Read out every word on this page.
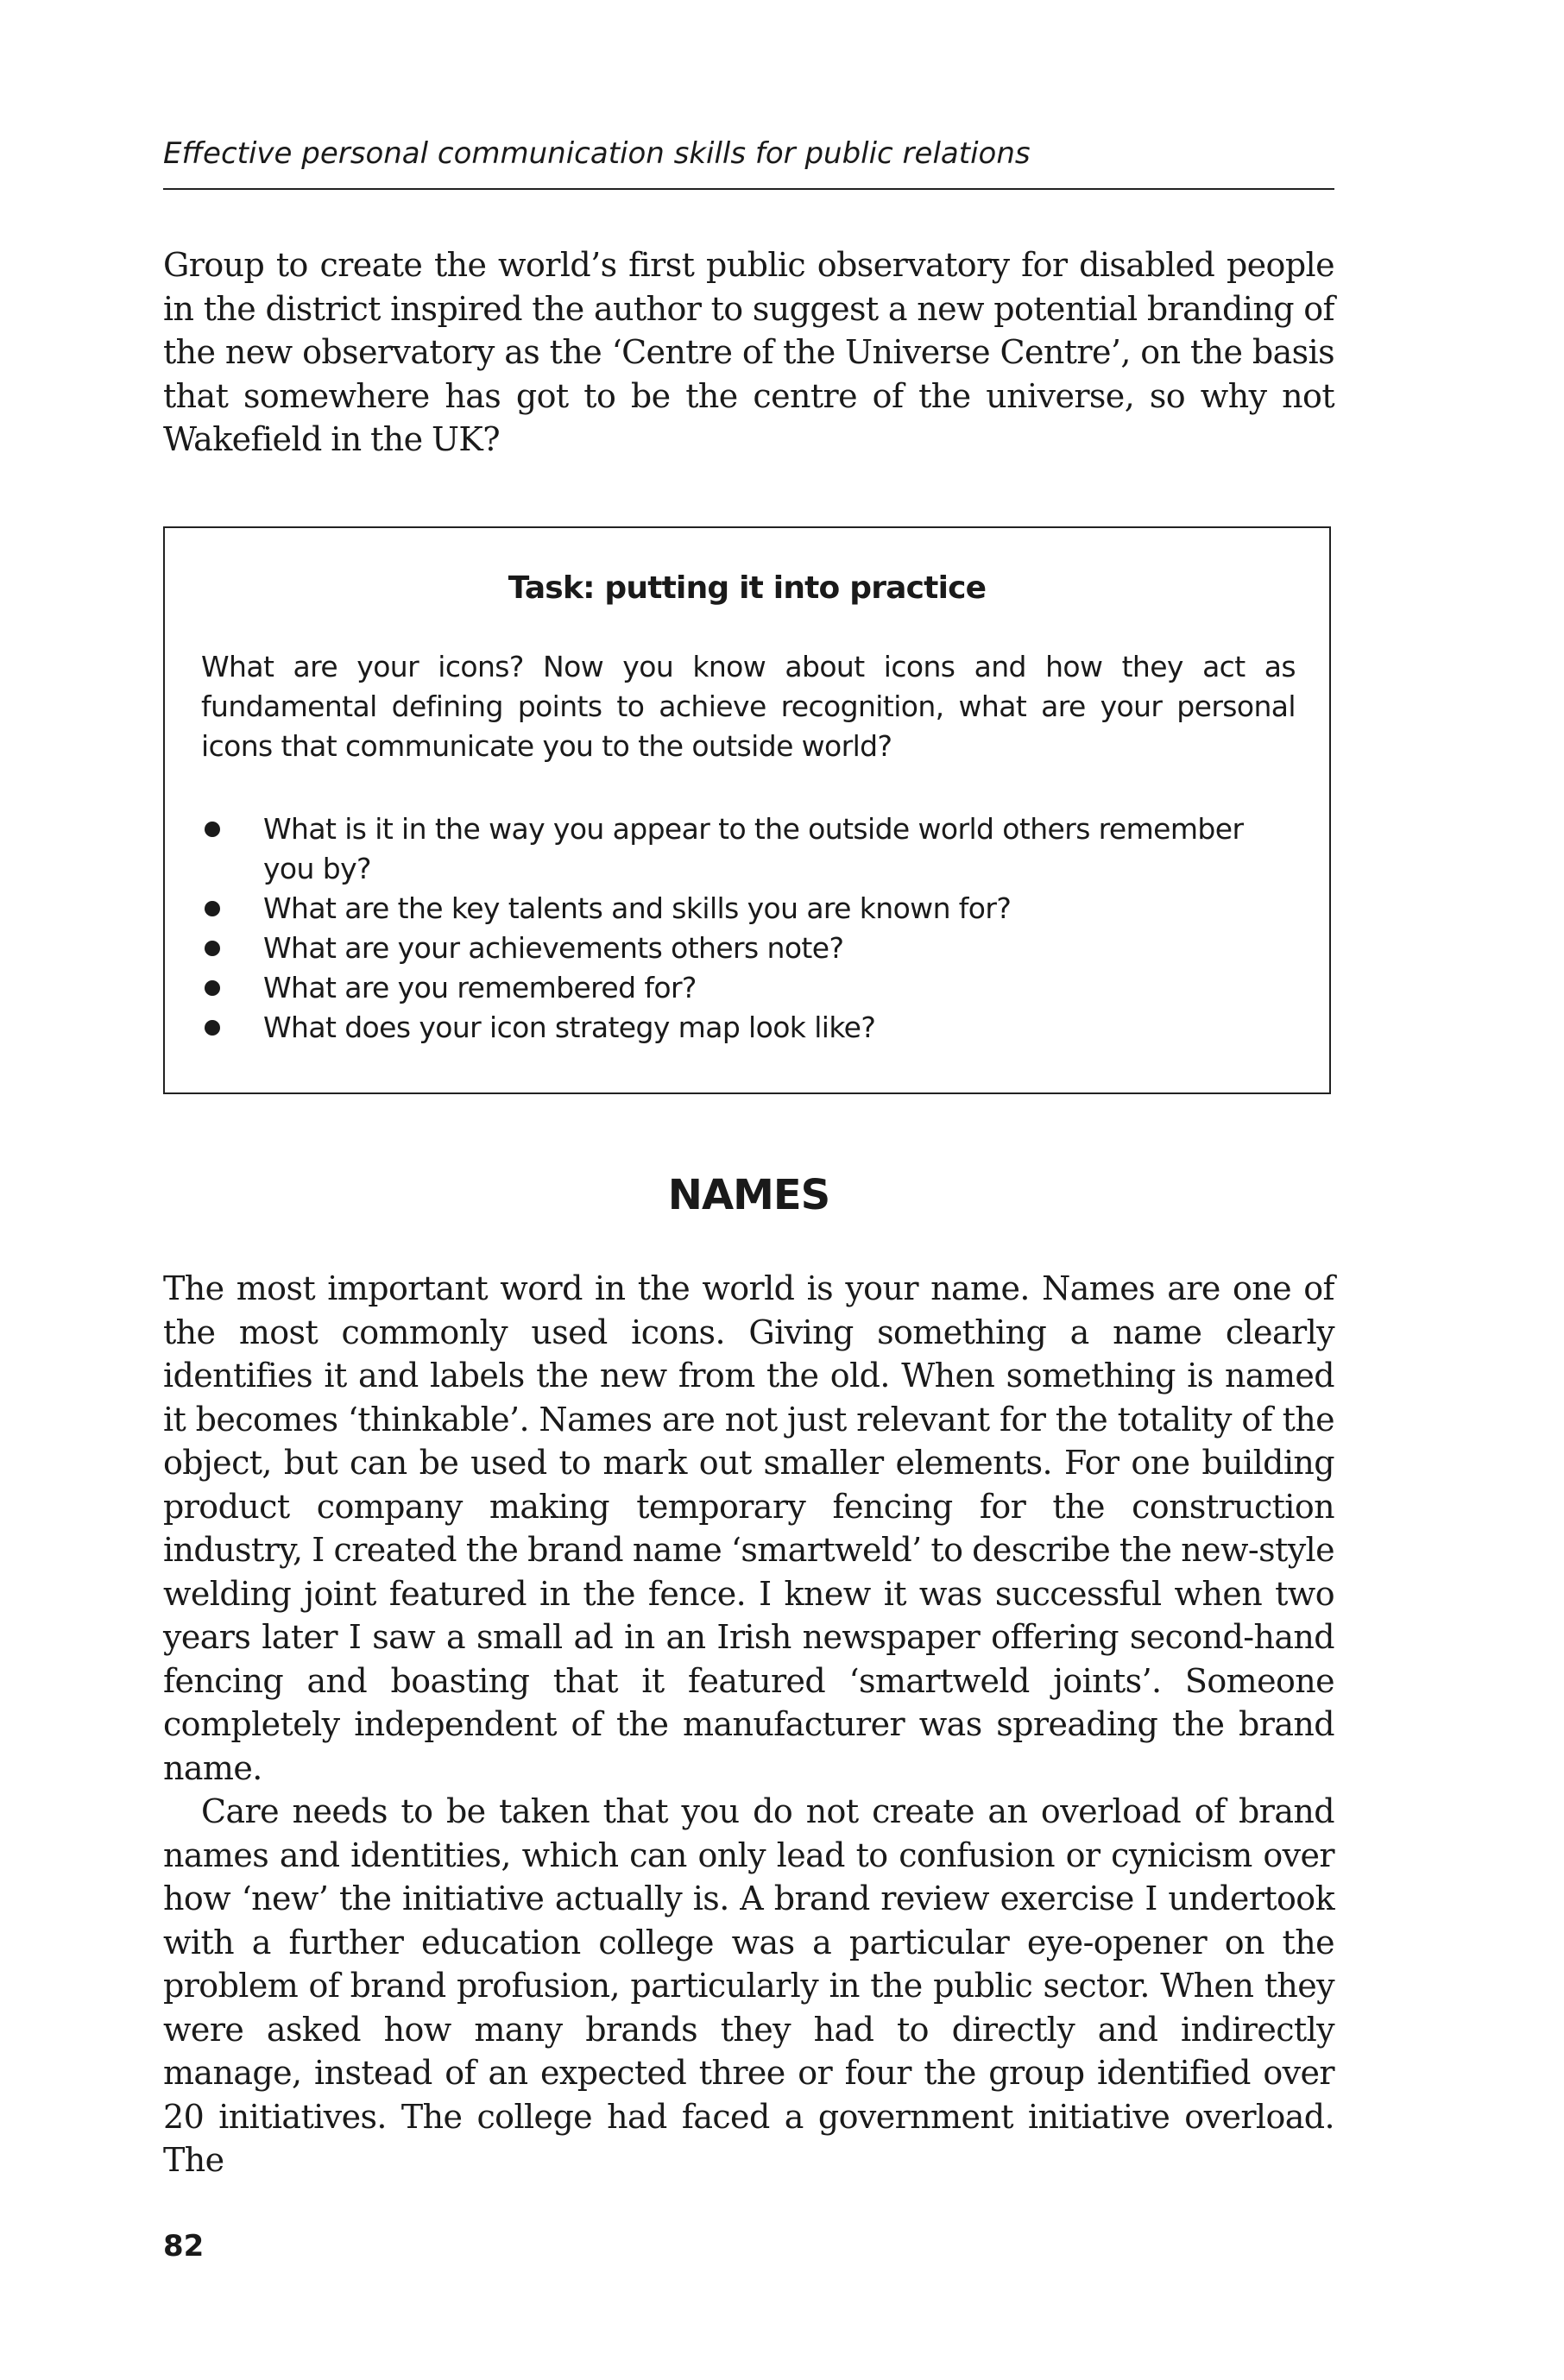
Effective personal communication skills for public relations

Group to create the world’s first public observatory for disabled people in the district inspired the author to suggest a new potential branding of the new observatory as the ‘Centre of the Universe Centre’, on the basis that somewhere has got to be the centre of the universe, so why not Wakefield in the UK?

Task: putting it into practice

What are your icons? Now you know about icons and how they act as fundamental defining points to achieve recognition, what are your personal icons that communicate you to the outside world?

What is it in the way you appear to the outside world others remember you by?
What are the key talents and skills you are known for?
What are your achievements others note?
What are you remembered for?
What does your icon strategy map look like?
NAMES

The most important word in the world is your name. Names are one of the most commonly used icons. Giving something a name clearly identifies it and labels the new from the old. When something is named it becomes ‘thinkable’. Names are not just relevant for the totality of the object, but can be used to mark out smaller elements. For one building product company making temporary fencing for the construction industry, I created the brand name ‘smartweld’ to describe the new-style welding joint featured in the fence. I knew it was successful when two years later I saw a small ad in an Irish newspaper offering second-hand fencing and boasting that it featured ‘smartweld joints’. Someone completely independent of the manufacturer was spreading the brand name.

Care needs to be taken that you do not create an overload of brand names and identities, which can only lead to confusion or cynicism over how ‘new’ the initiative actually is. A brand review exercise I undertook with a further education college was a particular eye-opener on the problem of brand profusion, particularly in the public sector. When they were asked how many brands they had to directly and indirectly manage, instead of an expected three or four the group identified over 20 initiatives. The college had faced a government initiative overload. The

82
